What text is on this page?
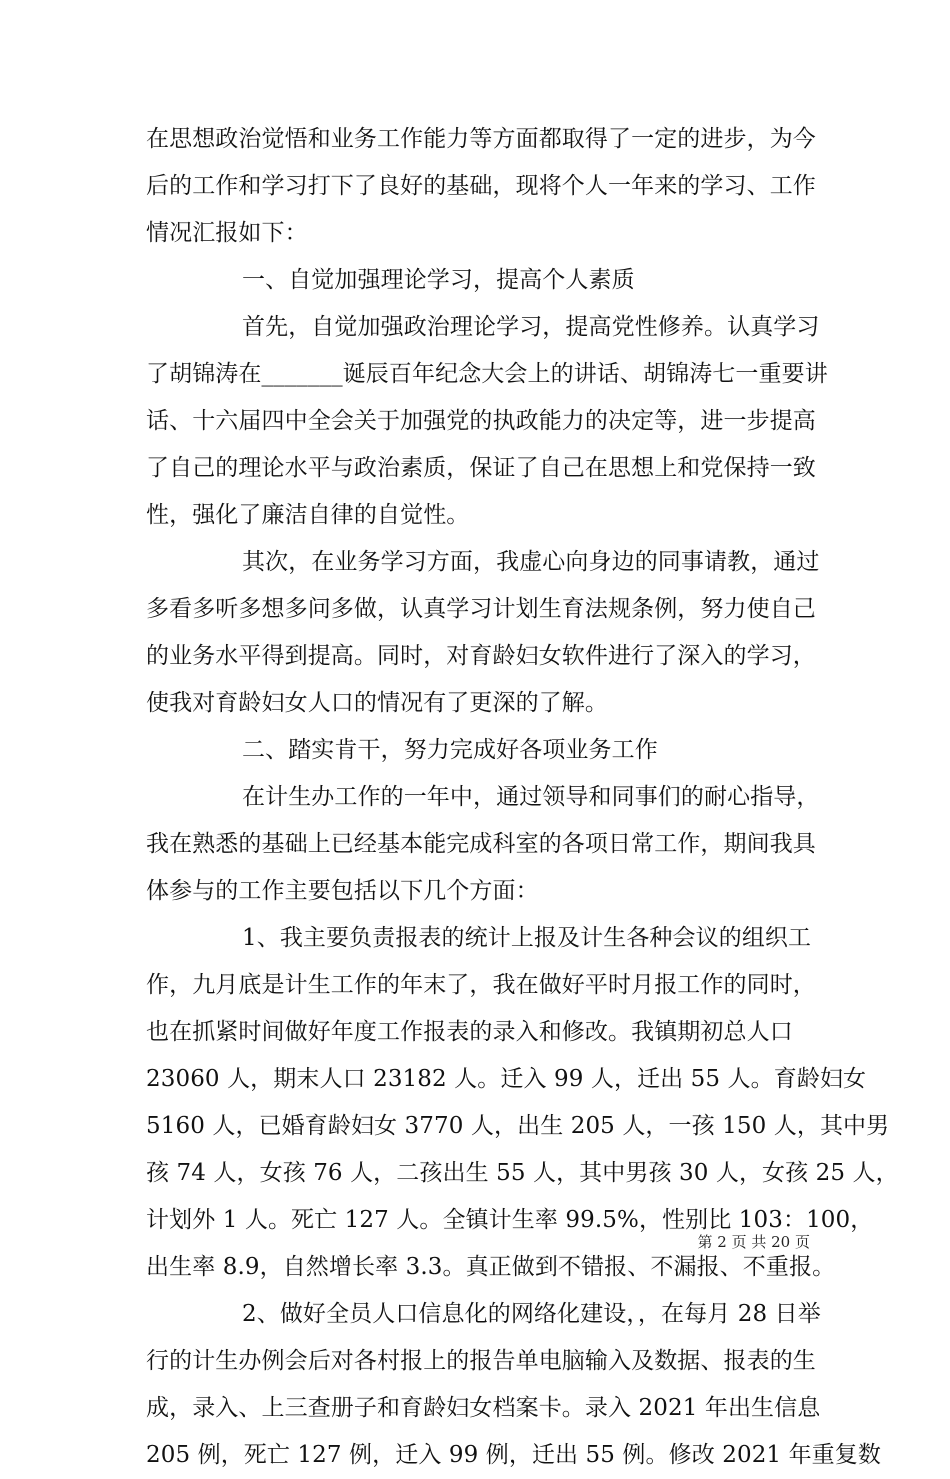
在思想政治觉悟和业务工作能力等方面都取得了一定的进步，为今
后的工作和学习打下了良好的基础，现将个人一年来的学习、工作
情况汇报如下：
一、自觉加强理论学习，提高个人素质
首先，自觉加强政治理论学习，提高党性修养。认真学习
了胡锦涛在_______诞辰百年纪念大会上的讲话、胡锦涛七一重要讲
话、十六届四中全会关于加强党的执政能力的决定等，进一步提高
了自己的理论水平与政治素质，保证了自己在思想上和党保持一致
性，强化了廉洁自律的自觉性。
其次，在业务学习方面，我虚心向身边的同事请教，通过
多看多听多想多问多做，认真学习计划生育法规条例，努力使自己
的业务水平得到提高。同时，对育龄妇女软件进行了深入的学习，
使我对育龄妇女人口的情况有了更深的了解。
二、踏实肯干，努力完成好各项业务工作
在计生办工作的一年中，通过领导和同事们的耐心指导，
我在熟悉的基础上已经基本能完成科室的各项日常工作，期间我具
体参与的工作主要包括以下几个方面：
1、我主要负责报表的统计上报及计生各种会议的组织工
作，九月底是计生工作的年末了，我在做好平时月报工作的同时，
也在抓紧时间做好年度工作报表的录入和修改。我镇期初总人口
23060 人，期末人口 23182 人。迁入 99 人，迁出 55 人。育龄妇女
5160 人，已婚育龄妇女 3770 人，出生 205 人，一孩 150 人，其中男
孩 74 人，女孩 76 人，二孩出生 55 人，其中男孩 30 人，女孩 25 人，
计划外 1 人。死亡 127 人。全镇计生率 99.5%，性别比 103：100，
出生率 8.9，自然增长率 3.3。真正做到不错报、不漏报、不重报。
2、做好全员人口信息化的网络化建设，，在每月 28 日举
行的计生办例会后对各村报上的报告单电脑输入及数据、报表的生
成，录入、上三查册子和育龄妇女档案卡。录入 2021 年出生信息
205 例，死亡 127 例，迁入 99 例，迁出 55 例。修改 2021 年重复数
第 2 页 共 20 页
